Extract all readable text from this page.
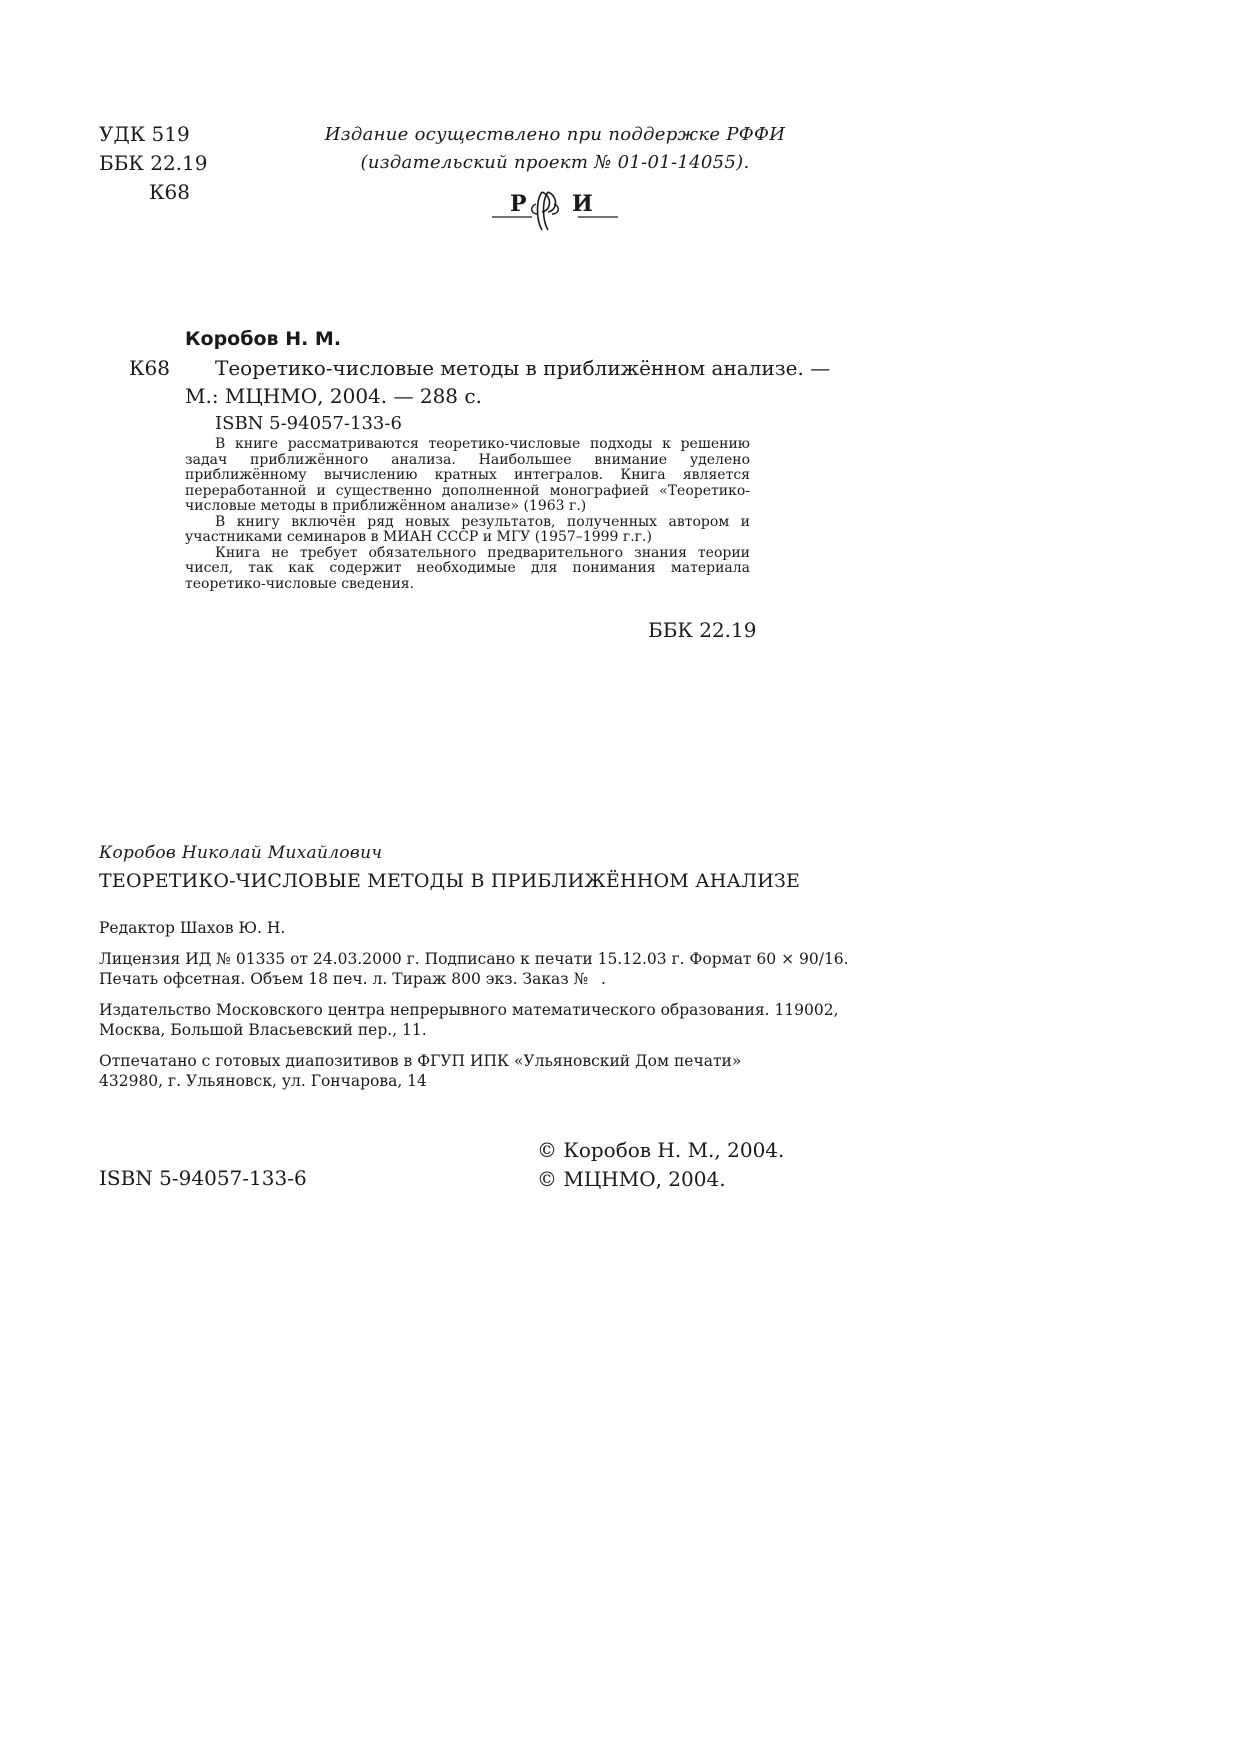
УДК 519
ББК 22.19
К68
Издание осуществлено при поддержке РФФИ
(издательский проект № 01-01-14055).
Р И
Коробов Н. М.
К68 Теоретико-числовые методы в приближённом анализе. —
М.: МЦНМО, 2004. — 288 с.
ISBN 5-94057-133-6

В книге рассматриваются теоретико-числовые подходы к решению задач приближённого анализа. Наибольшее внимание уделено приближённому вычислению кратных интегралов. Книга является переработанной и существенно дополненной монографией «Теоретико-числовые методы в приближённом анализе» (1963 г.)

В книгу включён ряд новых результатов, полученных автором и участниками семинаров в МИАН СССР и МГУ (1957–1999 г.г.)

Книга не требует обязательного предварительного знания теории чисел, так как содержит необходимые для понимания материала теоретико-числовые сведения.

ББК 22.19
Коробов Николай Михайлович
ТЕОРЕТИКО-ЧИСЛОВЫЕ МЕТОДЫ В ПРИБЛИЖЁННОМ АНАЛИЗЕ
Редактор Шахов Ю. Н.
Лицензия ИД № 01335 от 24.03.2000 г. Подписано к печати 15.12.03 г. Формат 60 × 90/16.
Печать офсетная. Объем 18 печ. л. Тираж 800 экз. Заказ № .
Издательство Московского центра непрерывного математического образования. 119002,
Москва, Большой Власьевский пер., 11.
Отпечатано с готовых диапозитивов в ФГУП ИПК «Ульяновский Дом печати»
432980, г. Ульяновск, ул. Гончарова, 14
© Коробов Н. М., 2004.
© МЦНМО, 2004.
ISBN 5-94057-133-6
